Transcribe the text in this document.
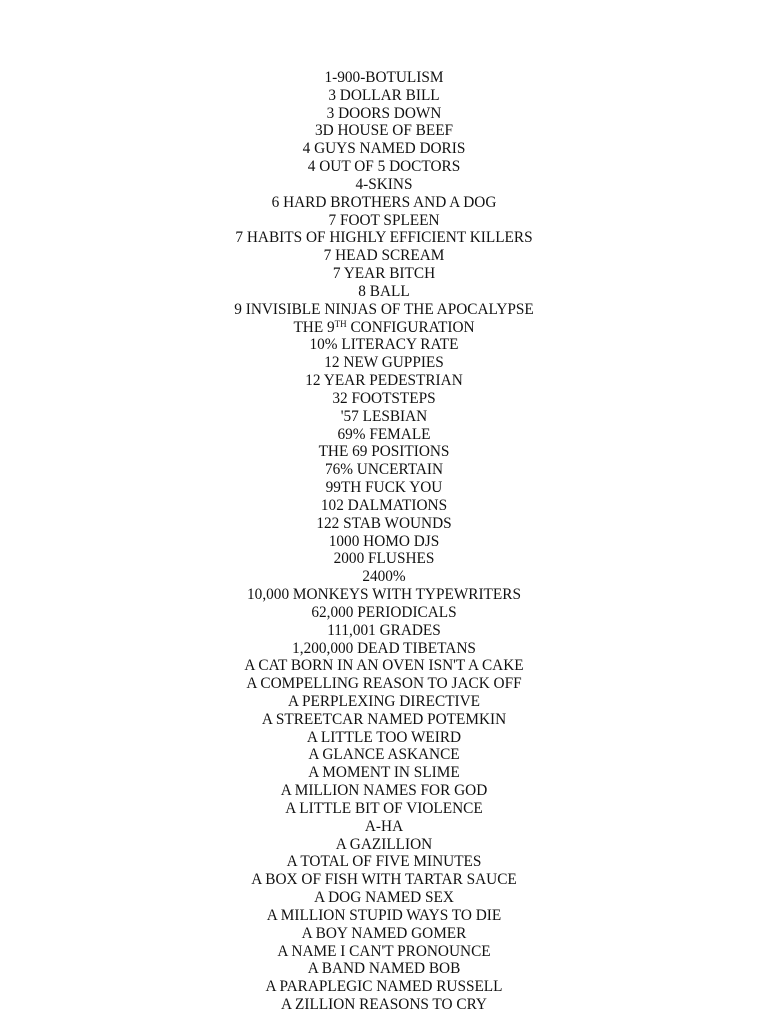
1-900-BOTULISM
3 DOLLAR BILL
3 DOORS DOWN
3D HOUSE OF BEEF
4 GUYS NAMED DORIS
4 OUT OF 5 DOCTORS
4-SKINS
6 HARD BROTHERS AND A DOG
7 FOOT SPLEEN
7 HABITS OF HIGHLY EFFICIENT KILLERS
7 HEAD SCREAM
7 YEAR BITCH
8 BALL
9 INVISIBLE NINJAS OF THE APOCALYPSE
THE 9TH CONFIGURATION
10% LITERACY RATE
12 NEW GUPPIES
12 YEAR PEDESTRIAN
32 FOOTSTEPS
'57 LESBIAN
69% FEMALE
THE 69 POSITIONS
76% UNCERTAIN
99TH FUCK YOU
102 DALMATIONS
122 STAB WOUNDS
1000 HOMO DJS
2000 FLUSHES
2400%
10,000 MONKEYS WITH TYPEWRITERS
62,000 PERIODICALS
111,001 GRADES
1,200,000 DEAD TIBETANS
A CAT BORN IN AN OVEN ISN'T A CAKE
A COMPELLING REASON TO JACK OFF
A PERPLEXING DIRECTIVE
A STREETCAR NAMED POTEMKIN
A LITTLE TOO WEIRD
A GLANCE ASKANCE
A MOMENT IN SLIME
A MILLION NAMES FOR GOD
A LITTLE BIT OF VIOLENCE
A-HA
A GAZILLION
A TOTAL OF FIVE MINUTES
A BOX OF FISH WITH TARTAR SAUCE
A DOG NAMED SEX
A MILLION STUPID WAYS TO DIE
A BOY NAMED GOMER
A NAME I CAN'T PRONOUNCE
A BAND NAMED BOB
A PARAPLEGIC NAMED RUSSELL
A ZILLION REASONS TO CRY
